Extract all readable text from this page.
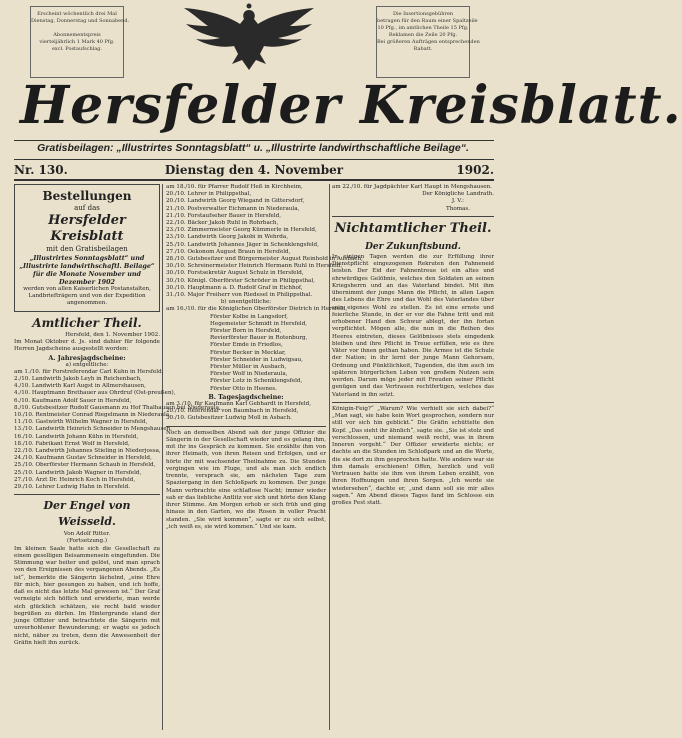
Erscheint wöchentlich drei Mal
Dienstag, Donnerstag und Sonnabend.

Abonnementspreis
vierteljährlich 1 Mark 40 Pfg.
excl. Postaufschlag.
Die Insertionsgebühren
betragen für den Raum einer Spaltzeile
10 Pfg., im amtlichen Theile 15 Pfg.
Reklamen die Zeile 20 Pfg.
Bei größeren Aufträgen entsprechenden
Rabatt.
Hersfelder Kreisblatt.
Gratisbeilagen: „Illustrirtes Sonntagsblatt“ u. „Illustrirte landwirthschaftliche Beilage“.
Nr. 130.	Dienstag den 4. November	1902.
Bestellungen
auf das
Hersfelder Kreisblatt
mit den Gratisbeilagen
„Illustrirtes Sonntagsblatt“ und
„Illustrirte landwirthschaftl. Beilage“
für die Monate November und Dezember 1902
werden von allen Kaiserlichen Postanstalten, Landbriefträgern und von der Expedition angenommen.
Amtlicher Theil.
Hersfeld, den 1. November 1902.
Im Monat Oktober d. Js. sind dahier für folgende Herren Jagdscheine ausgestellt worden:
A. Jahresjagdscheine:
a) entgeltliche:
am 1./10. für Forstreferendar Carl Kuhn in Hersfeld,
2./10. Landwirth Jakob Leyh in Reichenbach,
4./10. Landwirth Karl Augst in Allmershausen,
4./10. Hauptmann Brethauer aus Ohrdruf (Ost-preußen),
6./10. Kaufmann Adolf Sauer in Hersfeld,
8./10. Gutsbesitzer Rudolf Gausmann zu Hof Thalhausen bei Niederaula,
10./10. Rentmeister Conrad Riegelmann in Niederaula,
11./10. Gastwirth Wilhelm Wagner in Hersfeld,
13./10. Landwirth Heinrich Schneider in Mengshausen,
16./10. Landwirth Johann Kühn in Hersfeld,
18./10. Fabrikant Ernst Wolf in Hersfeld,
22./10. Landwirth Johannes Stieling in Niederjossa,
24./10. Kaufmann Gustav Schneider in Hersfeld,
25./10. Oberförster Hermann Schaub in Hersfeld,
25./10. Landwirth Jakob Wagner in Hersfeld,
27./10. Arzt Dr. Heinrich Koch in Hersfeld,
29./10. Lehrer Ludwig Hahn in Hersfeld.
Der Engel von Weisseld.
Von Adolf Ritter.
(Fortsetzung.)
Im kleinen Saale hatte sich die Gesellschaft zu einem geselligen Beisammensein eingefunden. Die Stimmung war heiter und gelöst, und man sprach von den Ereignissen des vergangenen Abends. „Es ist“, bemerkte die Sängerin lächelnd, „eine Ehre für mich, hier gesungen zu haben, und ich hoffe, daß es nicht das letzte Mal gewesen ist.“ Der Graf verneigte sich höflich und erwiderte, man werde sich glücklich schätzen, sie recht bald wieder begrüßen zu dürfen. Im Hintergrunde stand der junge Offizier und betrachtete die Sängerin mit unverhohlener Bewunderung; er wagte es jedoch nicht, näher zu treten, denn die Anwesenheit der Gräfin hielt ihn zurück.
am 18./10. für Pfarrer Rudolf Heß in Kirchheim,
20./10. Lehrer in Philippsthal,
20./10. Landwirth Georg Wiegand in Gittersdorf,
21./10. Postverwalter Eichmann in Niederaula,
21./10. Forstaufseher Bauer in Hersfeld,
22./10. Bäcker Jakob Ruhl in Rohrbach,
23./10. Zimmermeister Georg Kümmerle in Hersfeld,
23./10. Landwirth Georg Jakobi in Wehrda,
25./10. Landwirth Johannes Jäger in Schenklengsfeld,
27./10. Oekonom August Braun in Hersfeld,
28./10. Gutsbesitzer und Bürgermeister August Reinhold in Ausbach,
30./10. Schreinermeister Heinrich Hermann Ruhl in Hersfeld,
30./10. Forstsekretär August Schulz in Hersfeld,
30./10. Königl. Oberförster Schröder in Philippsthal,
30./10. Hauptmann a. D. Rudolf Graf in Eichhof,
31./10. Major Freiherr von Riedesel in Philippsthal.
b) unentgeltliche:
am 16./10. für die Königlichen Oberförster Dietrich in Hersfeld,
Förster Kolbe in Langsdorf,
Hegemeister Schmidt in Hersfeld,
Förster Born in Hersfeld,
Revierförster Bauer in Rotenburg,
Förster Emde in Friedlos,
Förster Becker in Mecklar,
Förster Schneider in Ludwigsau,
Förster Müller in Ausbach,
Förster Wolf in Niederaula,
Förster Lotz in Schenklengsfeld,
Förster Otto in Heenes.
B. Tagesjagdscheine:
am 3./10. für Kaufmann Karl Gebhardt in Hersfeld,
20./10. Referendar von Baumbach in Hersfeld,
30./10. Gutsbesitzer Ludwig Moll in Asbach.
Noch an demselben Abend sah der junge Offizier die Sängerin in der Gesellschaft wieder und es gelang ihm, mit ihr ins Gespräch zu kommen. Sie erzählte ihm von ihrer Heimath, von ihren Reisen und Erfolgen, und er hörte ihr mit wachsender Theilnahme zu. Die Stunden vergingen wie im Fluge, und als man sich endlich trennte, versprach sie, am nächsten Tage zum Spaziergang in den Schloßpark zu kommen. Der junge Mann verbrachte eine schlaflose Nacht; immer wieder sah er das liebliche Antlitz vor sich und hörte den Klang ihrer Stimme. Am Morgen erhob er sich früh und ging hinaus in den Garten, wo die Rosen in voller Pracht standen. „Sie wird kommen“, sagte er zu sich selbst, „ich weiß es, sie wird kommen.“ Und sie kam.
am 22./10. für Jagdpächter Karl Haupt in Mengshausen.
Der Königliche Landrath.
J. V.:
Thomas.
Nichtamtlicher Theil.
Der Zukunftsbund.
In einigen Tagen werden die zur Erfüllung ihrer Dienstpflicht eingezogenen Rekruten den Fahneneid leisten. Der Eid der Fahnentreue ist ein altes und ehrwürdiges Gelöbnis, welches den Soldaten an seinen Kriegsherrn und an das Vaterland bindet. Mit ihm übernimmt der junge Mann die Pflicht, in allen Lagen des Lebens die Ehre und das Wohl des Vaterlandes über sein eigenes Wohl zu stellen. Es ist eine ernste und feierliche Stunde, in der er vor die Fahne tritt und mit erhobener Hand den Schwur ablegt, der ihn fortan verpflichtet. Mögen alle, die nun in die Reihen des Heeres eintreten, dieses Gelöbnisses stets eingedenk bleiben und ihre Pflicht in Treue erfüllen, wie es ihre Väter vor ihnen gethan haben. Die Armee ist die Schule der Nation; in ihr lernt der junge Mann Gehorsam, Ordnung und Pünktlichkeit, Tugenden, die ihm auch im späteren bürgerlichen Leben von großem Nutzen sein werden. Darum möge jeder mit Freuden seiner Pflicht genügen und das Vertrauen rechtfertigen, welches das Vaterland in ihn setzt.
Königin-Feig?“ „Warum? Wie verhielt sie sich dabei?“ „Man sagt, sie habe kein Wort gesprochen, sondern nur still vor sich hin geblickt.“ Die Gräfin schüttelte den Kopf. „Das sieht ihr ähnlich“, sagte sie. „Sie ist stolz und verschlossen, und niemand weiß recht, was in ihrem Inneren vorgeht.“ Der Offizier erwiderte nichts; er dachte an die Stunden im Schloßpark und an die Worte, die sie dort zu ihm gesprochen hatte. Wie anders war sie ihm damals erschienen! Offen, herzlich und voll Vertrauen hatte sie ihm von ihrem Leben erzählt, von ihren Hoffnungen und ihren Sorgen. „Ich werde sie wiedersehen“, dachte er, „und dann soll sie mir alles sagen.“ Am Abend dieses Tages fand im Schlosse ein großes Fest statt.
